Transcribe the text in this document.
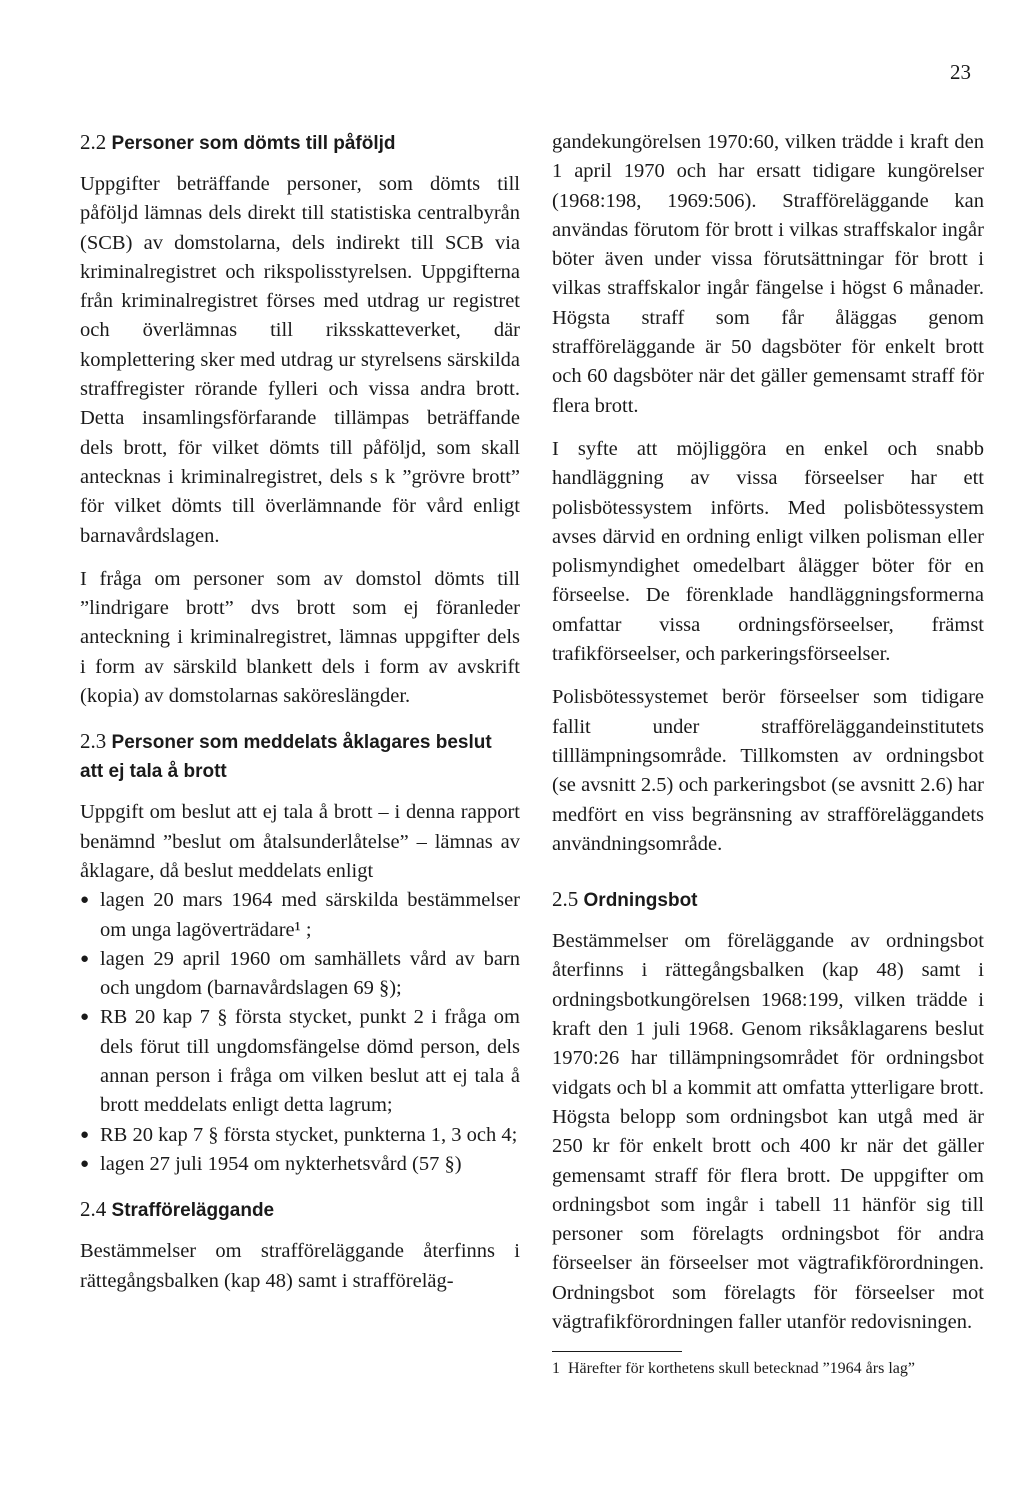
23
2.2 Personer som dömts till påföljd

Uppgifter beträffande personer, som dömts till påföljd lämnas dels direkt till statistiska centralbyrån (SCB) av domstolarna, dels indirekt till SCB via kriminalregistret och rikspolisstyrelsen. Uppgifterna från kriminalregistret förses med utdrag ur registret och överlämnas till riksskatteverket, där komplettering sker med utdrag ur styrelsens särskilda straffregister rörande fylleri och vissa andra brott. Detta insamlingsförfarande tillämpas beträffande dels brott, för vilket dömts till påföljd, som skall antecknas i kriminalregistret, dels s k ”grövre brott” för vilket dömts till överlämnande för vård enligt barnavårdslagen.

I fråga om personer som av domstol dömts till ”lindrigare brott” dvs brott som ej föranleder anteckning i kriminalregistret, lämnas uppgifter dels i form av särskild blankett dels i form av avskrift (kopia) av domstolarnas saköreslängder.

2.3 Personer som meddelats åklagares beslut att ej tala å brott

Uppgift om beslut att ej tala å brott – i denna rapport benämnd ”beslut om åtalsunderlåtelse” – lämnas av åklagare, då beslut meddelats enligt

● lagen 20 mars 1964 med särskilda bestämmelser om unga lagöverträdare¹ ;
● lagen 29 april 1960 om samhällets vård av barn och ungdom (barnavårdslagen 69 §);
● RB 20 kap 7 § första stycket, punkt 2 i fråga om dels förut till ungdomsfängelse dömd person, dels annan person i fråga om vilken beslut att ej tala å brott meddelats enligt detta lagrum;
● RB 20 kap 7 § första stycket, punkterna 1, 3 och 4;
● lagen 27 juli 1954 om nykterhetsvård (57 §)
2.4 Strafföreläggande

Bestämmelser om strafföreläggande återfinns i rättegångsbalken (kap 48) samt i strafföreläg-

gandekungörelsen 1970:60, vilken trädde i kraft den 1 april 1970 och har ersatt tidigare kungörelser (1968:198, 1969:506). Strafföreläggande kan användas förutom för brott i vilkas straffskalor ingår böter även under vissa förutsättningar för brott i vilkas straffskalor ingår fängelse i högst 6 månader. Högsta straff som får åläggas genom strafföreläggande är 50 dagsböter för enkelt brott och 60 dagsböter när det gäller gemensamt straff för flera brott.

I syfte att möjliggöra en enkel och snabb handläggning av vissa förseelser har ett polisbötessystem införts. Med polisbötessystem avses därvid en ordning enligt vilken polisman eller polismyndighet omedelbart ålägger böter för en förseelse. De förenklade handläggningsformerna omfattar vissa ordningsförseelser, främst trafikförseelser, och parkeringsförseelser.

Polisbötessystemet berör förseelser som tidigare fallit under strafföreläggandeinstitutets tilllämpningsområde. Tillkomsten av ordningsbot (se avsnitt 2.5) och parkeringsbot (se avsnitt 2.6) har medfört en viss begränsning av strafföreläggandets användningsområde.

2.5 Ordningsbot

Bestämmelser om föreläggande av ordningsbot återfinns i rättegångsbalken (kap 48) samt i ordningsbotkungörelsen 1968:199, vilken trädde i kraft den 1 juli 1968. Genom riksåklagarens beslut 1970:26 har tillämpningsområdet för ordningsbot vidgats och bl a kommit att omfatta ytterligare brott. Högsta belopp som ordningsbot kan utgå med är 250 kr för enkelt brott och 400 kr när det gäller gemensamt straff för flera brott. De uppgifter om ordningsbot som ingår i tabell 11 hänför sig till personer som förelagts ordningsbot för andra förseelser än förseelser mot vägtrafikförordningen. Ordningsbot som förelagts för förseelser mot vägtrafikförordningen faller utanför redovisningen.

1 Härefter för korthetens skull betecknad ”1964 års lag”
